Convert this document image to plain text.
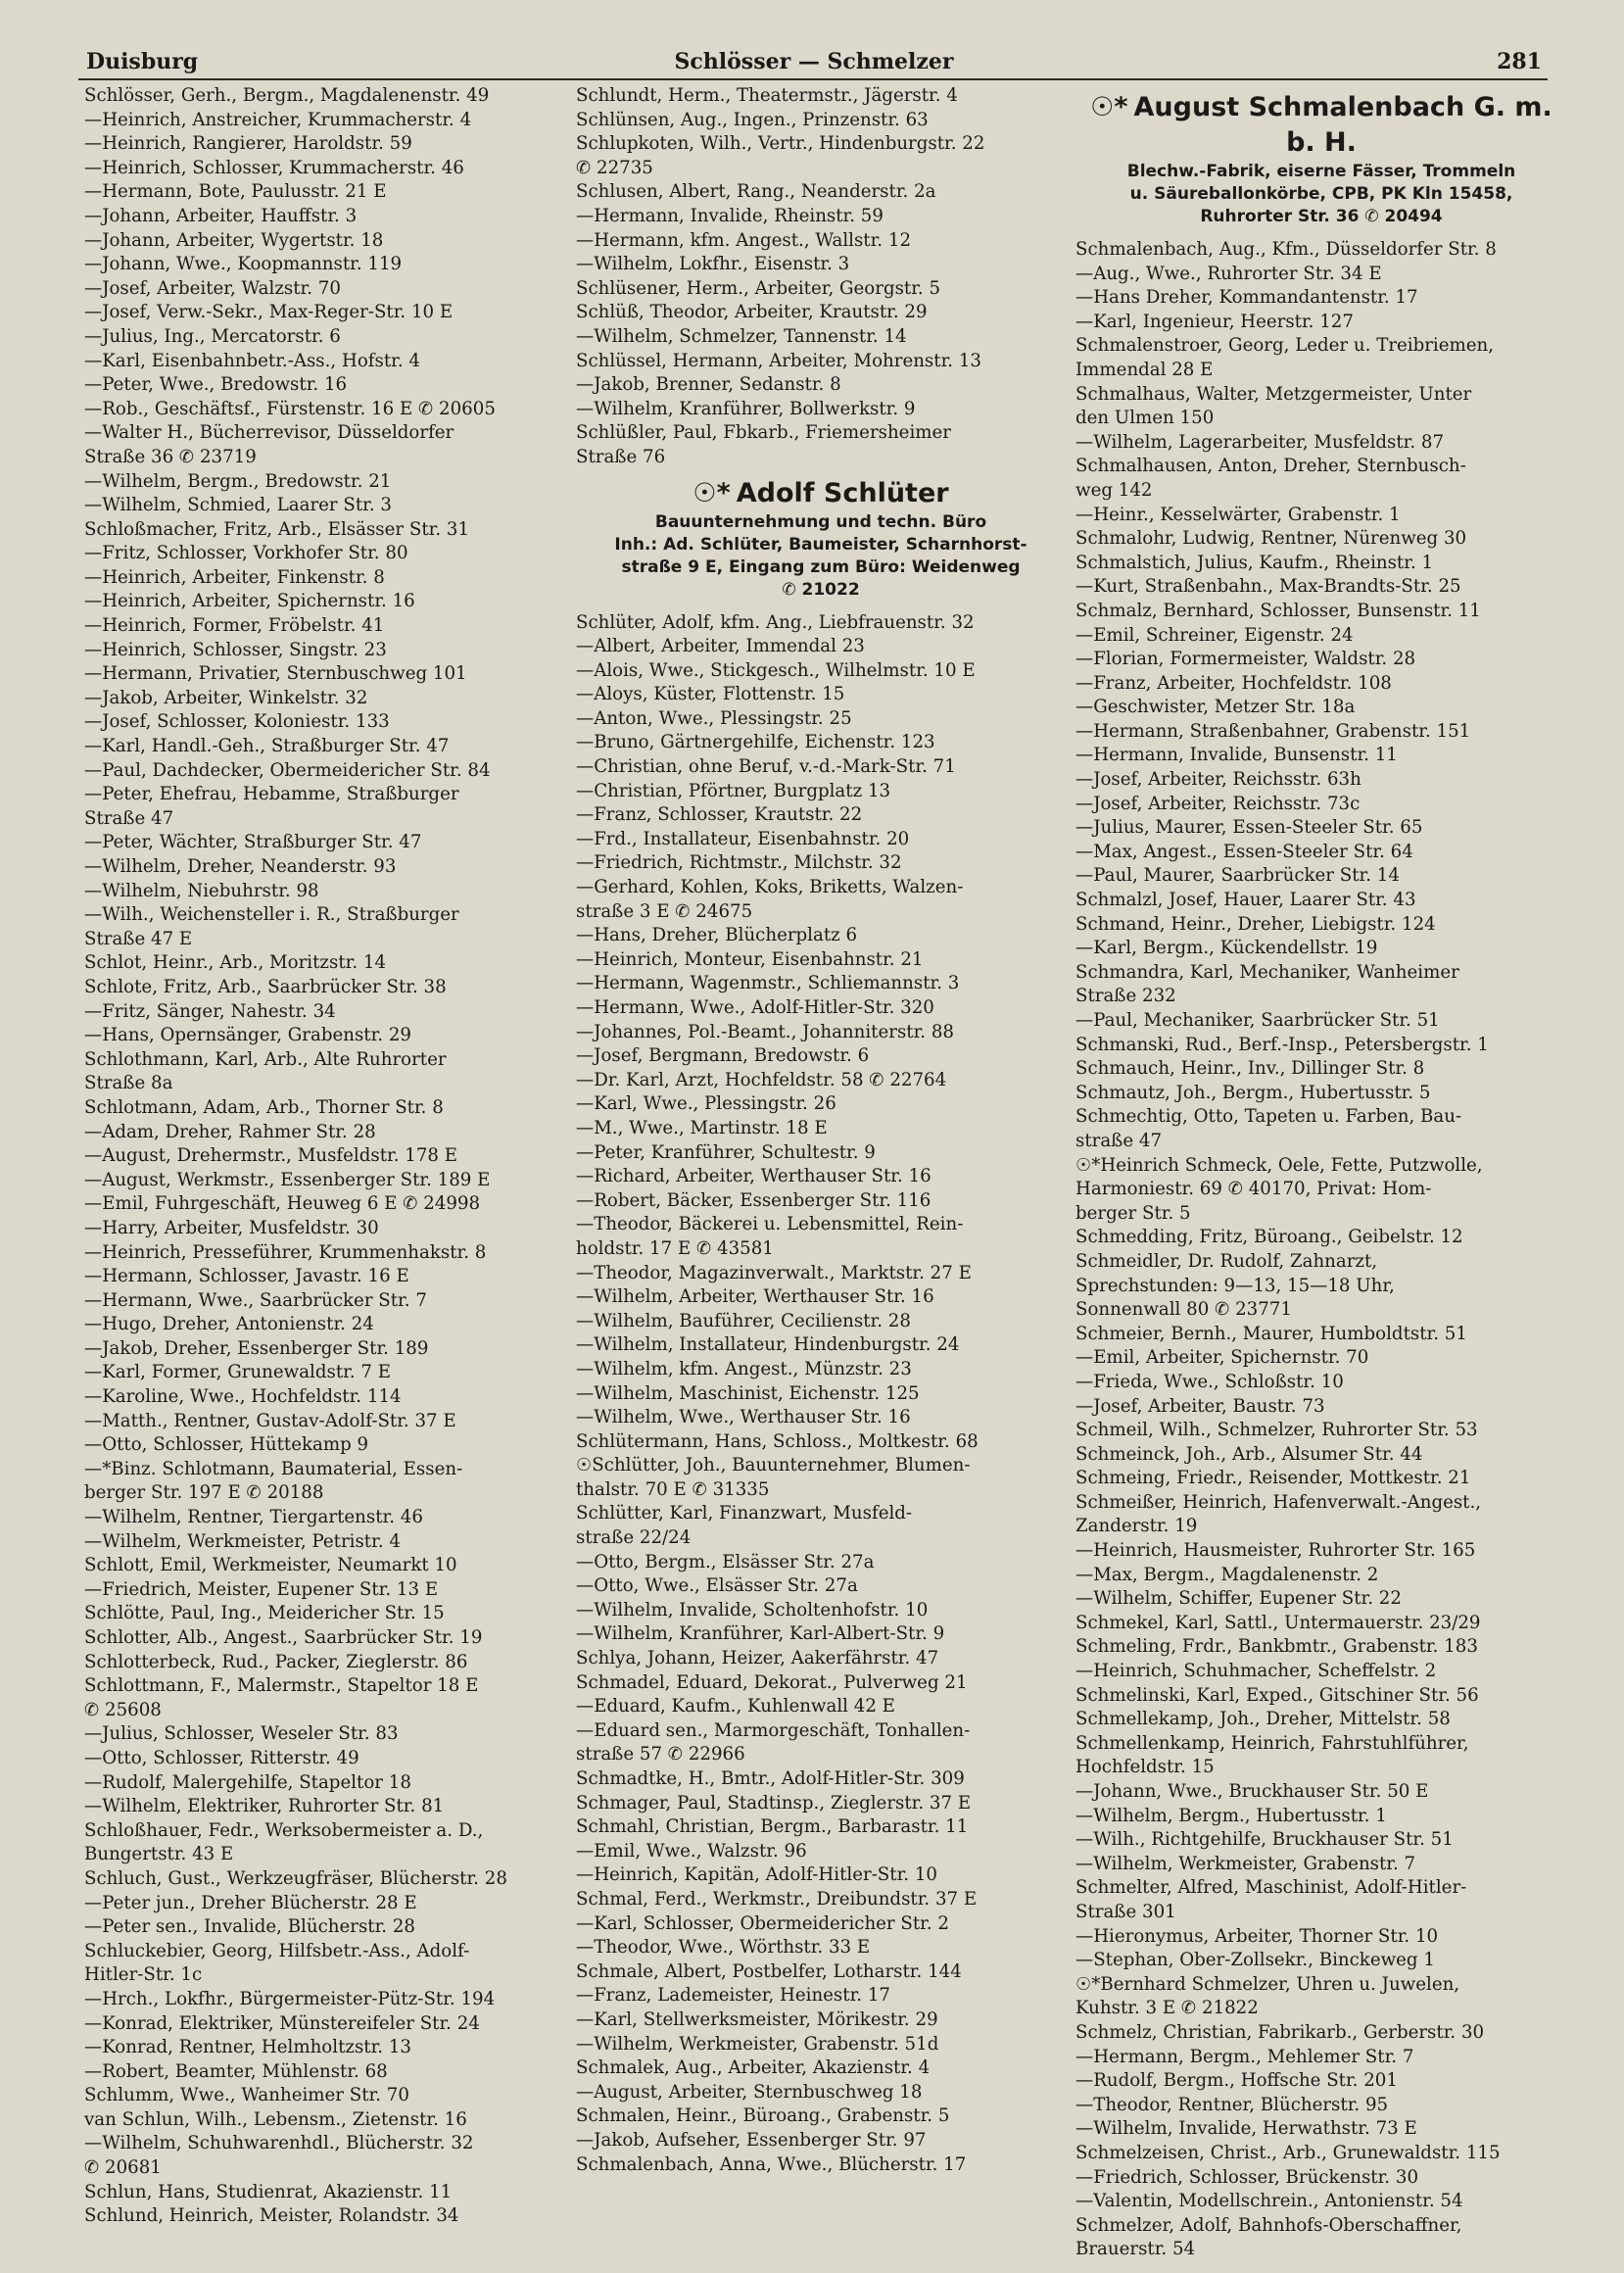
Duisburg	Schlösser — Schmelzer	281
Schlösser, Gerh., Bergm., Magdalenenstr. 49
—Heinrich, Anstreicher, Krummacherstr. 4
—Heinrich, Rangierer, Haroldstr. 59
—Heinrich, Schlosser, Krummacherstr. 46
—Hermann, Bote, Paulusstr. 21 E
—Johann, Arbeiter, Hauffstr. 3
—Johann, Arbeiter, Wygertstr. 18
—Johann, Wwe., Koopmannstr. 119
—Josef, Arbeiter, Walzstr. 70
—Josef, Verw.-Sekr., Max-Reger-Str. 10 E
—Julius, Ing., Mercatorstr. 6
—Karl, Eisenbahnbetr.-Ass., Hofstr. 4
—Peter, Wwe., Bredowstr. 16
—Rob., Geschäftsf., Fürstenstr. 16 E ✆ 20605
—Walter H., Bücherrevisor, Düsseldorfer
Straße 36 ✆ 23719
—Wilhelm, Bergm., Bredowstr. 21
—Wilhelm, Schmied, Laarer Str. 3
Schloßmacher, Fritz, Arb., Elsässer Str. 31
—Fritz, Schlosser, Vorkhofer Str. 80
—Heinrich, Arbeiter, Finkenstr. 8
—Heinrich, Arbeiter, Spichernstr. 16
—Heinrich, Former, Fröbelstr. 41
—Heinrich, Schlosser, Singstr. 23
—Hermann, Privatier, Sternbuschweg 101
—Jakob, Arbeiter, Winkelstr. 32
—Josef, Schlosser, Koloniestr. 133
—Karl, Handl.-Geh., Straßburger Str. 47
—Paul, Dachdecker, Obermeidericher Str. 84
—Peter, Ehefrau, Hebamme, Straßburger
Straße 47
—Peter, Wächter, Straßburger Str. 47
—Wilhelm, Dreher, Neanderstr. 93
—Wilhelm, Niebuhrstr. 98
—Wilh., Weichensteller i. R., Straßburger
Straße 47 E
Schlot, Heinr., Arb., Moritzstr. 14
Schlote, Fritz, Arb., Saarbrücker Str. 38
—Fritz, Sänger, Nahestr. 34
—Hans, Opernsänger, Grabenstr. 29
Schlothmann, Karl, Arb., Alte Ruhrorter
Straße 8a
Schlotmann, Adam, Arb., Thorner Str. 8
—Adam, Dreher, Rahmer Str. 28
—August, Drehermstr., Musfeldstr. 178 E
—August, Werkmstr., Essenberger Str. 189 E
—Emil, Fuhrgeschäft, Heuweg 6 E ✆ 24998
—Harry, Arbeiter, Musfeldstr. 30
—Heinrich, Presseführer, Krummenhakstr. 8
—Hermann, Schlosser, Javastr. 16 E
—Hermann, Wwe., Saarbrücker Str. 7
—Hugo, Dreher, Antonienstr. 24
—Jakob, Dreher, Essenberger Str. 189
—Karl, Former, Grunewaldstr. 7 E
—Karoline, Wwe., Hochfeldstr. 114
—Matth., Rentner, Gustav-Adolf-Str. 37 E
—Otto, Schlosser, Hüttekamp 9
—*Binz. Schlotmann, Baumaterial, Essen-
berger Str. 197 E ✆ 20188
—Wilhelm, Rentner, Tiergartenstr. 46
—Wilhelm, Werkmeister, Petristr. 4
Schlott, Emil, Werkmeister, Neumarkt 10
—Friedrich, Meister, Eupener Str. 13 E
Schlötte, Paul, Ing., Meidericher Str. 15
Schlotter, Alb., Angest., Saarbrücker Str. 19
Schlotterbeck, Rud., Packer, Zieglerstr. 86
Schlottmann, F., Malermstr., Stapeltor 18 E
✆ 25608
—Julius, Schlosser, Weseler Str. 83
—Otto, Schlosser, Ritterstr. 49
—Rudolf, Malergehilfe, Stapeltor 18
—Wilhelm, Elektriker, Ruhrorter Str. 81
Schloßhauer, Fedr., Werksobermeister a. D.,
Bungertstr. 43 E
Schluch, Gust., Werkzeugfräser, Blücherstr. 28
—Peter jun., Dreher Blücherstr. 28 E
—Peter sen., Invalide, Blücherstr. 28
Schluckebier, Georg, Hilfsbetr.-Ass., Adolf-
Hitler-Str. 1c
—Hrch., Lokfhr., Bürgermeister-Pütz-Str. 194
—Konrad, Elektriker, Münstereifeler Str. 24
—Konrad, Rentner, Helmholtzstr. 13
—Robert, Beamter, Mühlenstr. 68
Schlumm, Wwe., Wanheimer Str. 70
van Schlun, Wilh., Lebensm., Zietenstr. 16
—Wilhelm, Schuhwarenhdl., Blücherstr. 32
✆ 20681
Schlun, Hans, Studienrat, Akazienstr. 11
Schlund, Heinrich, Meister, Rolandstr. 34
Schlundt, Herm., Theatermstr., Jägerstr. 4
Schlünsen, Aug., Ingen., Prinzenstr. 63
Schlupkoten, Wilh., Vertr., Hindenburgstr. 22
✆ 22735
Schlusen, Albert, Rang., Neanderstr. 2a
—Hermann, Invalide, Rheinstr. 59
—Hermann, kfm. Angest., Wallstr. 12
—Wilhelm, Lokfhr., Eisenstr. 3
Schlüsener, Herm., Arbeiter, Georgstr. 5
Schlüß, Theodor, Arbeiter, Krautstr. 29
—Wilhelm, Schmelzer, Tannenstr. 14
Schlüssel, Hermann, Arbeiter, Mohrenstr. 13
—Jakob, Brenner, Sedanstr. 8
—Wilhelm, Kranführer, Bollwerkstr. 9
Schlüßler, Paul, Fbkarb., Friemersheimer
Straße 76
☉* Adolf Schlüter
Bauunternehmung und techn. Büro
Inh.: Ad. Schlüter, Baumeister, Scharnhorst-
straße 9 E, Eingang zum Büro: Weidenweg
✆ 21022
Schlüter, Adolf, kfm. Ang., Liebfrauenstr. 32
—Albert, Arbeiter, Immendal 23
—Alois, Wwe., Stickgesch., Wilhelmstr. 10 E
—Aloys, Küster, Flottenstr. 15
—Anton, Wwe., Plessingstr. 25
—Bruno, Gärtnergehilfe, Eichenstr. 123
—Christian, ohne Beruf, v.-d.-Mark-Str. 71
—Christian, Pförtner, Burgplatz 13
—Franz, Schlosser, Krautstr. 22
—Frd., Installateur, Eisenbahnstr. 20
—Friedrich, Richtmstr., Milchstr. 32
—Gerhard, Kohlen, Koks, Briketts, Walzen-
straße 3 E ✆ 24675
—Hans, Dreher, Blücherplatz 6
—Heinrich, Monteur, Eisenbahnstr. 21
—Hermann, Wagenmstr., Schliemannstr. 3
—Hermann, Wwe., Adolf-Hitler-Str. 320
—Johannes, Pol.-Beamt., Johanniterstr. 88
—Josef, Bergmann, Bredowstr. 6
—Dr. Karl, Arzt, Hochfeldstr. 58 ✆ 22764
—Karl, Wwe., Plessingstr. 26
—M., Wwe., Martinstr. 18 E
—Peter, Kranführer, Schultestr. 9
—Richard, Arbeiter, Werthauser Str. 16
—Robert, Bäcker, Essenberger Str. 116
—Theodor, Bäckerei u. Lebensmittel, Rein-
holdstr. 17 E ✆ 43581
—Theodor, Magazinverwalt., Marktstr. 27 E
—Wilhelm, Arbeiter, Werthauser Str. 16
—Wilhelm, Bauführer, Cecilienstr. 28
—Wilhelm, Installateur, Hindenburgstr. 24
—Wilhelm, kfm. Angest., Münzstr. 23
—Wilhelm, Maschinist, Eichenstr. 125
—Wilhelm, Wwe., Werthauser Str. 16
Schlütermann, Hans, Schloss., Moltkestr. 68
☉Schlütter, Joh., Bauunternehmer, Blumen-
thalstr. 70 E ✆ 31335
Schlütter, Karl, Finanzwart, Musfeld-
straße 22/24
—Otto, Bergm., Elsässer Str. 27a
—Otto, Wwe., Elsässer Str. 27a
—Wilhelm, Invalide, Scholtenhofstr. 10
—Wilhelm, Kranführer, Karl-Albert-Str. 9
Schlya, Johann, Heizer, Aakerfährstr. 47
Schmadel, Eduard, Dekorat., Pulverweg 21
—Eduard, Kaufm., Kuhlenwall 42 E
—Eduard sen., Marmorgeschäft, Tonhallen-
straße 57 ✆ 22966
Schmadtke, H., Bmtr., Adolf-Hitler-Str. 309
Schmager, Paul, Stadtinsp., Zieglerstr. 37 E
Schmahl, Christian, Bergm., Barbarastr. 11
—Emil, Wwe., Walzstr. 96
—Heinrich, Kapitän, Adolf-Hitler-Str. 10
Schmal, Ferd., Werkmstr., Dreibundstr. 37 E
—Karl, Schlosser, Obermeidericher Str. 2
—Theodor, Wwe., Wörthstr. 33 E
Schmale, Albert, Postbelfer, Lotharstr. 144
—Franz, Lademeister, Heinestr. 17
—Karl, Stellwerksmeister, Mörikestr. 29
—Wilhelm, Werkmeister, Grabenstr. 51d
Schmalek, Aug., Arbeiter, Akazienstr. 4
—August, Arbeiter, Sternbuschweg 18
Schmalen, Heinr., Büroang., Grabenstr. 5
—Jakob, Aufseher, Essenberger Str. 97
Schmalenbach, Anna, Wwe., Blücherstr. 17
☉* August Schmalenbach G. m. b. H.
Blechw.-Fabrik, eiserne Fässer, Trommeln
u. Säureballonkörbe, CPB, PK Kln 15458,
Ruhrorter Str. 36 ✆ 20494
Schmalenbach, Aug., Kfm., Düsseldorfer Str. 8
—Aug., Wwe., Ruhrorter Str. 34 E
—Hans Dreher, Kommandantenstr. 17
—Karl, Ingenieur, Heerstr. 127
Schmalenstroer, Georg, Leder u. Treibriemen,
Immendal 28 E
Schmalhaus, Walter, Metzgermeister, Unter
den Ulmen 150
—Wilhelm, Lagerarbeiter, Musfeldstr. 87
Schmalhausen, Anton, Dreher, Sternbusch-
weg 142
—Heinr., Kesselwärter, Grabenstr. 1
Schmalohr, Ludwig, Rentner, Nürenweg 30
Schmalstich, Julius, Kaufm., Rheinstr. 1
—Kurt, Straßenbahn., Max-Brandts-Str. 25
Schmalz, Bernhard, Schlosser, Bunsenstr. 11
—Emil, Schreiner, Eigenstr. 24
—Florian, Formermeister, Waldstr. 28
—Franz, Arbeiter, Hochfeldstr. 108
—Geschwister, Metzer Str. 18a
—Hermann, Straßenbahner, Grabenstr. 151
—Hermann, Invalide, Bunsenstr. 11
—Josef, Arbeiter, Reichsstr. 63h
—Josef, Arbeiter, Reichsstr. 73c
—Julius, Maurer, Essen-Steeler Str. 65
—Max, Angest., Essen-Steeler Str. 64
—Paul, Maurer, Saarbrücker Str. 14
Schmalzl, Josef, Hauer, Laarer Str. 43
Schmand, Heinr., Dreher, Liebigstr. 124
—Karl, Bergm., Kückendellstr. 19
Schmandra, Karl, Mechaniker, Wanheimer
Straße 232
—Paul, Mechaniker, Saarbrücker Str. 51
Schmanski, Rud., Berf.-Insp., Petersbergstr. 1
Schmauch, Heinr., Inv., Dillinger Str. 8
Schmautz, Joh., Bergm., Hubertusstr. 5
Schmechtig, Otto, Tapeten u. Farben, Bau-
straße 47
☉*Heinrich Schmeck, Oele, Fette, Putzwolle,
Harmoniestr. 69 ✆ 40170, Privat: Hom-
berger Str. 5
Schmedding, Fritz, Büroang., Geibelstr. 12
Schmeidler, Dr. Rudolf, Zahnarzt,
Sprechstunden: 9—13, 15—18 Uhr,
Sonnenwall 80 ✆ 23771
Schmeier, Bernh., Maurer, Humboldtstr. 51
—Emil, Arbeiter, Spichernstr. 70
—Frieda, Wwe., Schloßstr. 10
—Josef, Arbeiter, Baustr. 73
Schmeil, Wilh., Schmelzer, Ruhrorter Str. 53
Schmeinck, Joh., Arb., Alsumer Str. 44
Schmeing, Friedr., Reisender, Mottkestr. 21
Schmeißer, Heinrich, Hafenverwalt.-Angest.,
Zanderstr. 19
—Heinrich, Hausmeister, Ruhrorter Str. 165
—Max, Bergm., Magdalenenstr. 2
—Wilhelm, Schiffer, Eupener Str. 22
Schmekel, Karl, Sattl., Untermauerstr. 23/29
Schmeling, Frdr., Bankbmtr., Grabenstr. 183
—Heinrich, Schuhmacher, Scheffelstr. 2
Schmelinski, Karl, Exped., Gitschiner Str. 56
Schmellekamp, Joh., Dreher, Mittelstr. 58
Schmellenkamp, Heinrich, Fahrstuhlführer,
Hochfeldstr. 15
—Johann, Wwe., Bruckhauser Str. 50 E
—Wilhelm, Bergm., Hubertusstr. 1
—Wilh., Richtgehilfe, Bruckhauser Str. 51
—Wilhelm, Werkmeister, Grabenstr. 7
Schmelter, Alfred, Maschinist, Adolf-Hitler-
Straße 301
—Hieronymus, Arbeiter, Thorner Str. 10
—Stephan, Ober-Zollsekr., Binckeweg 1
☉*Bernhard Schmelzer, Uhren u. Juwelen,
Kuhstr. 3 E ✆ 21822
Schmelz, Christian, Fabrikarb., Gerberstr. 30
—Hermann, Bergm., Mehlemer Str. 7
—Rudolf, Bergm., Hoffsche Str. 201
—Theodor, Rentner, Blücherstr. 95
—Wilhelm, Invalide, Herwathstr. 73 E
Schmelzeisen, Christ., Arb., Grunewaldstr. 115
—Friedrich, Schlosser, Brückenstr. 30
—Valentin, Modellschrein., Antonienstr. 54
Schmelzer, Adolf, Bahnhofs-Oberschaffner,
Brauerstr. 54
